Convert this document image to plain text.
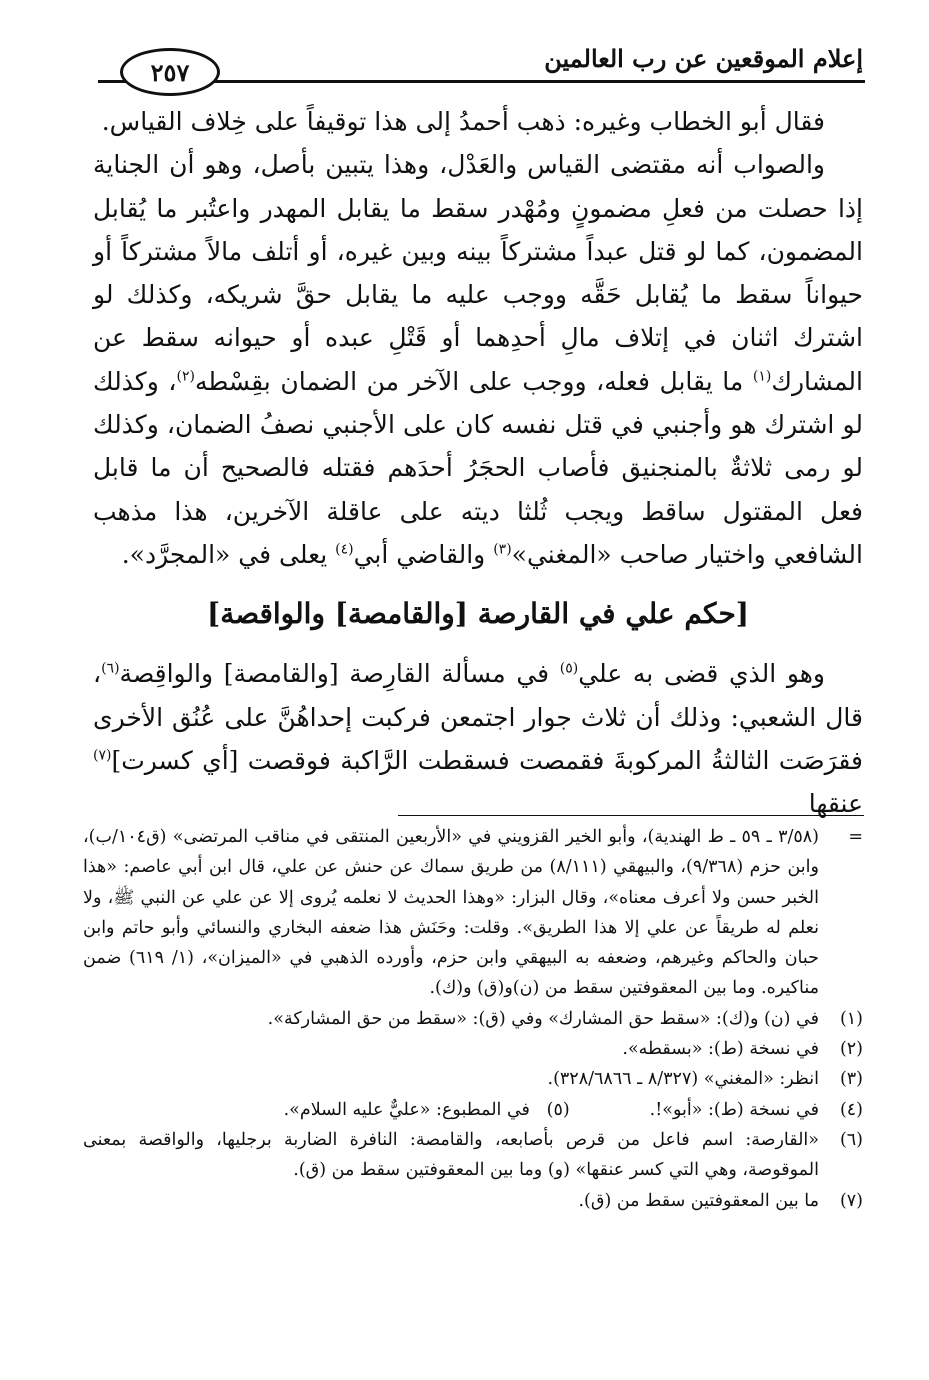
إعلام الموقعين عن رب العالمين
٢٥٧

فقال أبو الخطاب وغيره: ذهب أحمدُ إلى هذا توقيفاً على خِلاف القياس.

والصواب أنه مقتضى القياس والعَدْل، وهذا يتبين بأصل، وهو أن الجناية إذا حصلت من فعلِ مضمونٍ ومُهْدر سقط ما يقابل المهدر واعتُبر ما يُقابل المضمون، كما لو قتل عبداً مشتركاً بينه وبين غيره، أو أتلف مالاً مشتركاً أو حيواناً سقط ما يُقابل حَقَّه ووجب عليه ما يقابل حقَّ شريكه، وكذلك لو اشترك اثنان في إتلاف مالِ أحدِهما أو قَتْلِ عبده أو حيوانه سقط عن المشارك$^{(١)}$ ما يقابل فعله، ووجب على الآخر من الضمان بقِسْطه$^{(٢)}$، وكذلك لو اشترك هو وأجنبي في قتل نفسه كان على الأجنبي نصفُ الضمان، وكذلك لو رمى ثلاثةٌ بالمنجنيق فأصاب الحجَرُ أحدَهم فقتله فالصحيح أن ما قابل فعل المقتول ساقط ويجب ثُلثا ديته على عاقلة الآخرين، هذا مذهب الشافعي واختيار صاحب «المغني»$^{(٣)}$ والقاضي أبي$^{(٤)}$ يعلى في «المجرَّد».

[حكم علي في القارصة [والقامصة] والواقصة]

وهو الذي قضى به علي$^{(٥)}$ في مسألة القارِصة [والقامصة] والواقِصة$^{(٦)}$، قال الشعبي: وذلك أن ثلاث جوار اجتمعن فركبت إحداهُنَّ على عُنُق الأخرى فقرَصَت الثالثةُ المركوبةَ فقمصت فسقطت الرَّاكبة فوقصت [أي كسرت]$^{(٧)}$ عنقها

=
(٣/٥٨ ـ ٥٩ ـ ط الهندية)، وأبو الخير القزويني في «الأربعين المنتقى في مناقب المرتضى» (ق١٠٤/ب)، وابن حزم (٩/٣٦٨)، والبيهقي (٨/١١١) من طريق سماك عن حنش عن علي، قال ابن أبي عاصم: «هذا الخبر حسن ولا أعرف معناه»، وقال البزار: «وهذا الحديث لا نعلمه يُروى إلا عن علي عن النبي ﷺ، ولا نعلم له طريقاً عن علي إلا هذا الطريق». وقلت: وحَنَش هذا ضعفه البخاري والنسائي وأبو حاتم وابن حبان والحاكم وغيرهم، وضعفه به البيهقي وابن حزم، وأورده الذهبي في «الميزان»، (١/ ٦١٩) ضمن مناكيره. وما بين المعقوفتين سقط من (ن)و(ق) و(ك).
(١)
في (ن) و(ك): «سقط حق المشارك» وفي (ق): «سقط من حق المشاركة».
(٢)
في نسخة (ط): «بسقطه».
(٣)
انظر: «المغني» (٨/٣٢٧ ـ ٣٢٨/٦٨٦٦).
(٤)
في نسخة (ط): «أبو»!.
(٥)   في المطبوع: «عليٌّ عليه السلام».
(٦)
«القارصة: اسم فاعل من قرص بأصابعه، والقامصة: النافرة الضاربة برجليها، والواقصة بمعنى الموقوصة، وهي التي كسر عنقها» (و) وما بين المعقوفتين سقط من (ق).
(٧)
ما بين المعقوفتين سقط من (ق).
